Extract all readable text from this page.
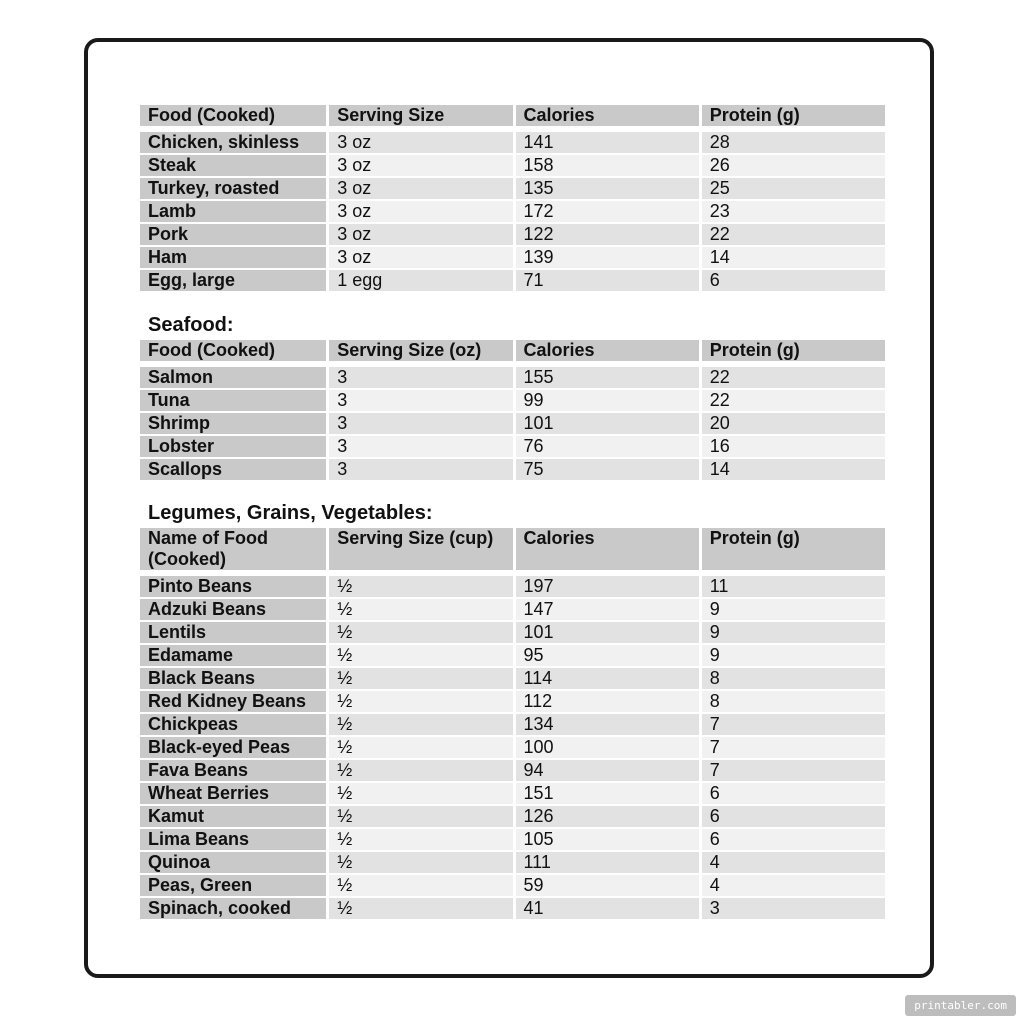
Food (Cooked)	Serving Size	Calories	Protein (g)
Chicken, skinless	3 oz	141	28
Steak	3 oz	158	26
Turkey, roasted	3 oz	135	25
Lamb	3 oz	172	23
Pork	3 oz	122	22
Ham	3 oz	139	14
Egg, large	1 egg	71	6
Seafood:
Food (Cooked)	Serving Size (oz)	Calories	Protein (g)
Salmon	3	155	22
Tuna	3	99	22
Shrimp	3	101	20
Lobster	3	76	16
Scallops	3	75	14
Legumes, Grains, Vegetables:
Name of Food (Cooked)	Serving Size (cup)	Calories	Protein (g)
Pinto Beans	½	197	11
Adzuki Beans	½	147	9
Lentils	½	101	9
Edamame	½	95	9
Black Beans	½	114	8
Red Kidney Beans	½	112	8
Chickpeas	½	134	7
Black-eyed Peas	½	100	7
Fava Beans	½	94	7
Wheat Berries	½	151	6
Kamut	½	126	6
Lima Beans	½	105	6
Quinoa	½	111	4
Peas, Green	½	59	4
Spinach, cooked	½	41	3
printabler.com
